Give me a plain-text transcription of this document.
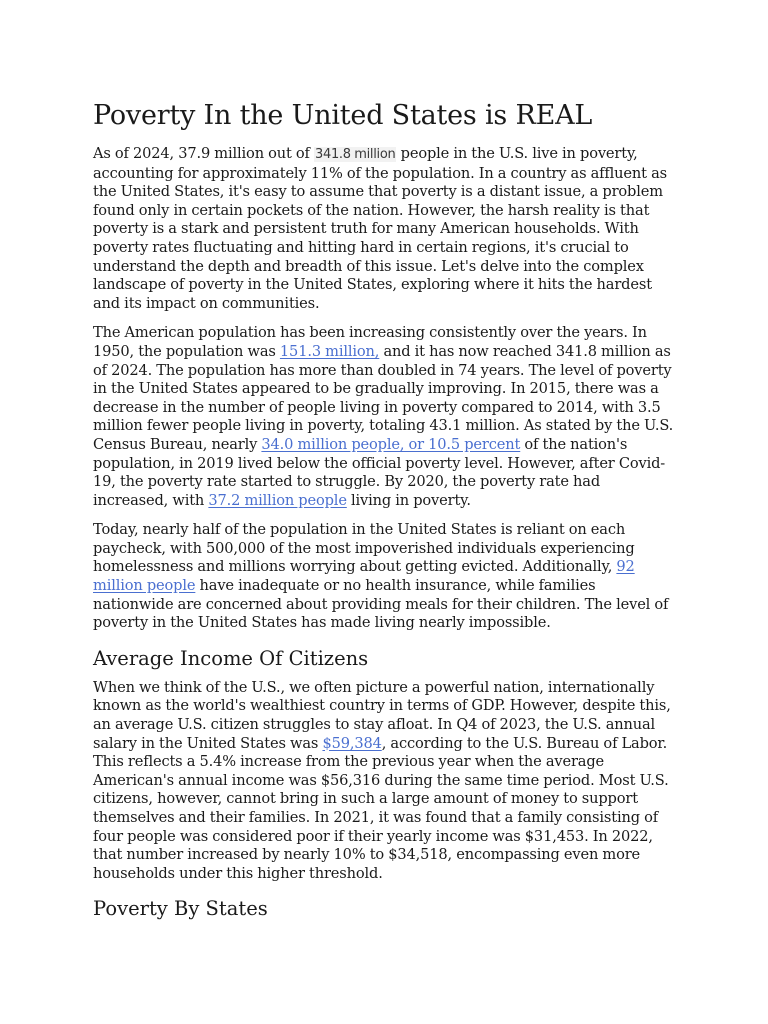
Poverty In the United States is REAL

As of 2024, 37.9 million out of 341.8 million people in the U.S. live in poverty, accounting for approximately 11% of the population. In a country as affluent as the United States, it's easy to assume that poverty is a distant issue, a problem found only in certain pockets of the nation. However, the harsh reality is that poverty is a stark and persistent truth for many American households. With poverty rates fluctuating and hitting hard in certain regions, it's crucial to understand the depth and breadth of this issue. Let's delve into the complex landscape of poverty in the United States, exploring where it hits the hardest and its impact on communities.

The American population has been increasing consistently over the years. In 1950, the population was 151.3 million, and it has now reached 341.8 million as of 2024. The population has more than doubled in 74 years. The level of poverty in the United States appeared to be gradually improving. In 2015, there was a decrease in the number of people living in poverty compared to 2014, with 3.5 million fewer people living in poverty, totaling 43.1 million. As stated by the U.S. Census Bureau, nearly 34.0 million people, or 10.5 percent of the nation's population, in 2019 lived below the official poverty level. However, after Covid-19, the poverty rate started to struggle. By 2020, the poverty rate had increased, with 37.2 million people living in poverty.

Today, nearly half of the population in the United States is reliant on each paycheck, with 500,000 of the most impoverished individuals experiencing homelessness and millions worrying about getting evicted. Additionally, 92 million people have inadequate or no health insurance, while families nationwide are concerned about providing meals for their children. The level of poverty in the United States has made living nearly impossible.

Average Income Of Citizens

When we think of the U.S., we often picture a powerful nation, internationally known as the world's wealthiest country in terms of GDP. However, despite this, an average U.S. citizen struggles to stay afloat. In Q4 of 2023, the U.S. annual salary in the United States was $59,384, according to the U.S. Bureau of Labor. This reflects a 5.4% increase from the previous year when the average American's annual income was $56,316 during the same time period. Most U.S. citizens, however, cannot bring in such a large amount of money to support themselves and their families. In 2021, it was found that a family consisting of four people was considered poor if their yearly income was $31,453. In 2022, that number increased by nearly 10% to $34,518, encompassing even more households under this higher threshold.

Poverty By States
